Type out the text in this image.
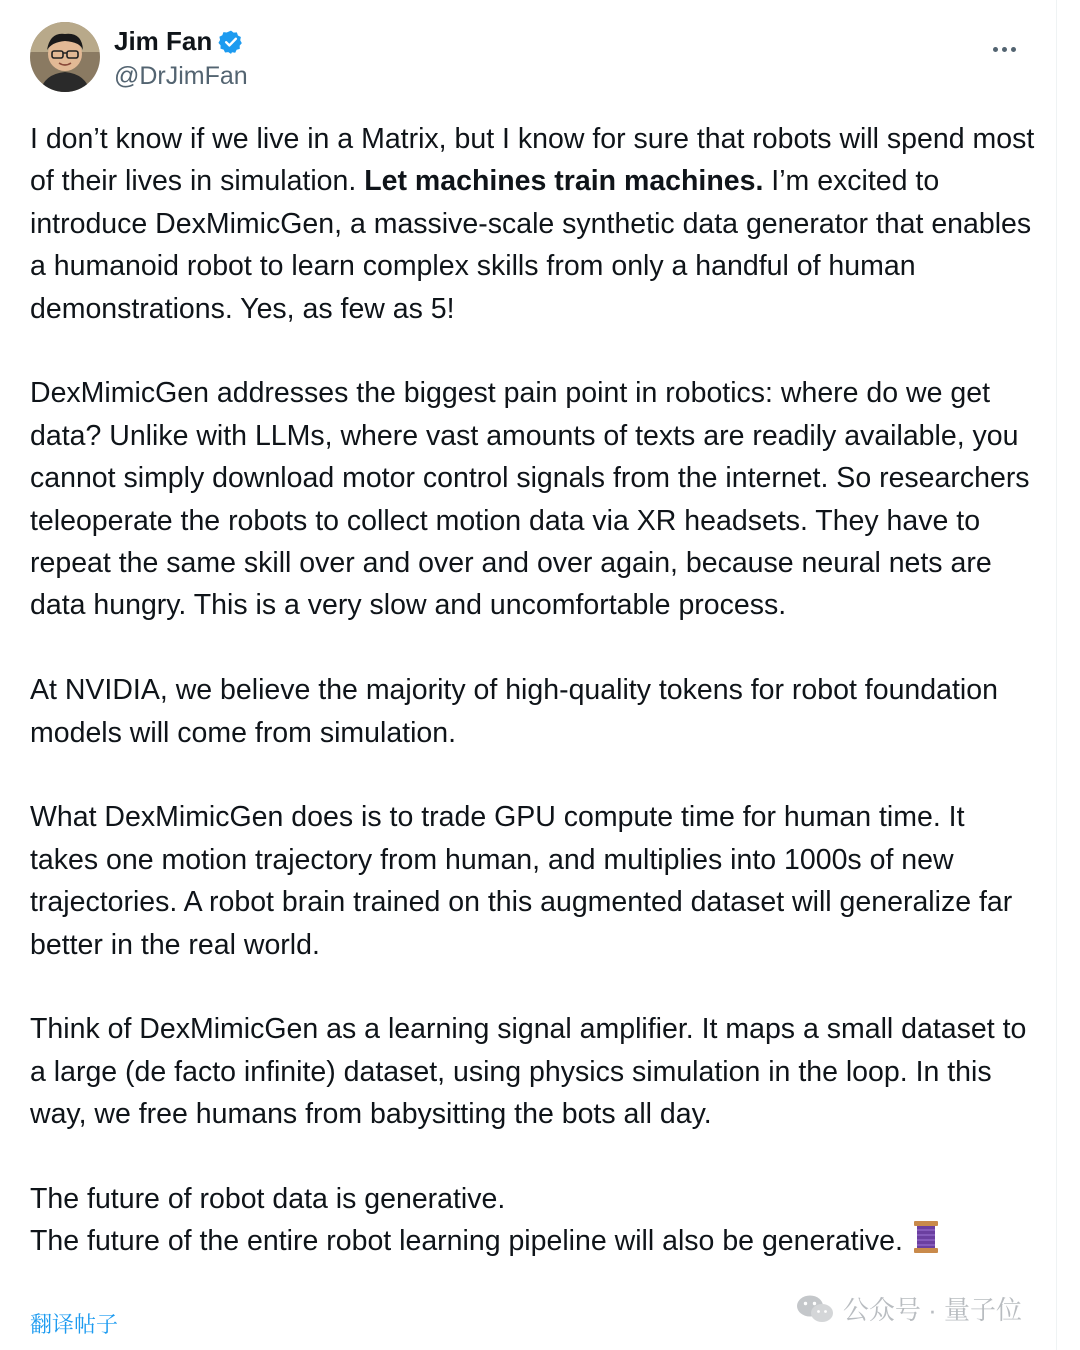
Jim Fan
@DrJimFan

I don’t know if we live in a Matrix, but I know for sure that robots will spend most of their lives in simulation. Let machines train machines. I’m excited to introduce DexMimicGen, a massive-scale synthetic data generator that enables a humanoid robot to learn complex skills from only a handful of human demonstrations. Yes, as few as 5!

DexMimicGen addresses the biggest pain point in robotics: where do we get data? Unlike with LLMs, where vast amounts of texts are readily available, you cannot simply download motor control signals from the internet. So researchers teleoperate the robots to collect motion data via XR headsets. They have to repeat the same skill over and over and over again, because neural nets are data hungry. This is a very slow and uncomfortable process.

At NVIDIA, we believe the majority of high-quality tokens for robot foundation models will come from simulation.

What DexMimicGen does is to trade GPU compute time for human time. It takes one motion trajectory from human, and multiplies into 1000s of new trajectories. A robot brain trained on this augmented dataset will generalize far better in the real world.

Think of DexMimicGen as a learning signal amplifier. It maps a small dataset to a large (de facto infinite) dataset, using physics simulation in the loop. In this way, we free humans from babysitting the bots all day.

The future of robot data is generative.
The future of the entire robot learning pipeline will also be generative.

翻译帖子	公众号 · 量子位
